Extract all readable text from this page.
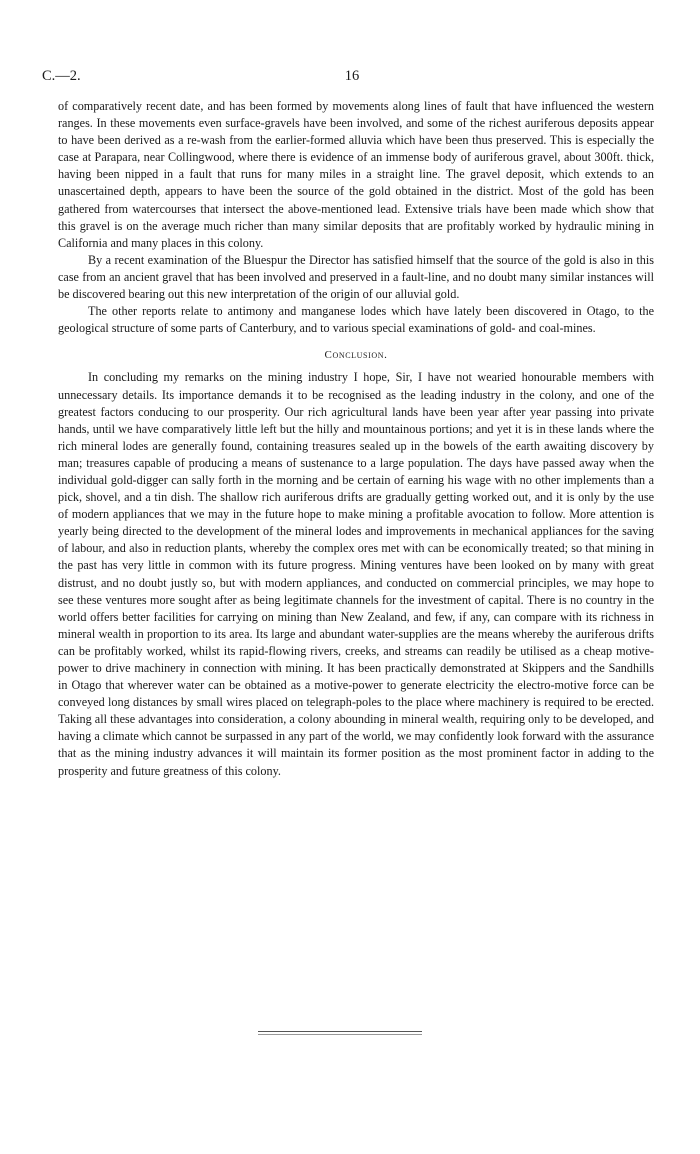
C.—2.	16

of comparatively recent date, and has been formed by movements along lines of fault that have influenced the western ranges. In these movements even surface-gravels have been involved, and some of the richest auriferous deposits appear to have been derived as a re-wash from the earlier-formed alluvia which have been thus preserved. This is especially the case at Parapara, near Collingwood, where there is evidence of an immense body of auriferous gravel, about 300ft. thick, having been nipped in a fault that runs for many miles in a straight line. The gravel deposit, which extends to an unascertained depth, appears to have been the source of the gold obtained in the district. Most of the gold has been gathered from watercourses that intersect the above-mentioned lead. Extensive trials have been made which show that this gravel is on the average much richer than many similar deposits that are profitably worked by hydraulic mining in California and many places in this colony.

By a recent examination of the Bluespur the Director has satisfied himself that the source of the gold is also in this case from an ancient gravel that has been involved and preserved in a fault-line, and no doubt many similar instances will be discovered bearing out this new interpretation of the origin of our alluvial gold.

The other reports relate to antimony and manganese lodes which have lately been discovered in Otago, to the geological structure of some parts of Canterbury, and to various special examinations of gold- and coal-mines.

Conclusion.

In concluding my remarks on the mining industry I hope, Sir, I have not wearied honourable members with unnecessary details. Its importance demands it to be recognised as the leading industry in the colony, and one of the greatest factors conducing to our prosperity. Our rich agricultural lands have been year after year passing into private hands, until we have comparatively little left but the hilly and mountainous portions; and yet it is in these lands where the rich mineral lodes are generally found, containing treasures sealed up in the bowels of the earth awaiting discovery by man; treasures capable of producing a means of sustenance to a large population. The days have passed away when the individual gold-digger can sally forth in the morning and be certain of earning his wage with no other implements than a pick, shovel, and a tin dish. The shallow rich auriferous drifts are gradually getting worked out, and it is only by the use of modern appliances that we may in the future hope to make mining a profitable avocation to follow. More attention is yearly being directed to the development of the mineral lodes and improvements in mechanical appliances for the saving of labour, and also in reduction plants, whereby the complex ores met with can be economically treated; so that mining in the past has very little in common with its future progress. Mining ventures have been looked on by many with great distrust, and no doubt justly so, but with modern appliances, and conducted on commercial principles, we may hope to see these ventures more sought after as being legitimate channels for the investment of capital. There is no country in the world offers better facilities for carrying on mining than New Zealand, and few, if any, can compare with its richness in mineral wealth in proportion to its area. Its large and abundant water-supplies are the means whereby the auriferous drifts can be profitably worked, whilst its rapid-flowing rivers, creeks, and streams can readily be utilised as a cheap motive-power to drive machinery in connection with mining. It has been practically demonstrated at Skippers and the Sandhills in Otago that wherever water can be obtained as a motive-power to generate electricity the electro-motive force can be conveyed long distances by small wires placed on telegraph-poles to the place where machinery is required to be erected. Taking all these advantages into consideration, a colony abounding in mineral wealth, requiring only to be developed, and having a climate which cannot be surpassed in any part of the world, we may confidently look forward with the assurance that as the mining industry advances it will maintain its former position as the most prominent factor in adding to the prosperity and future greatness of this colony.
